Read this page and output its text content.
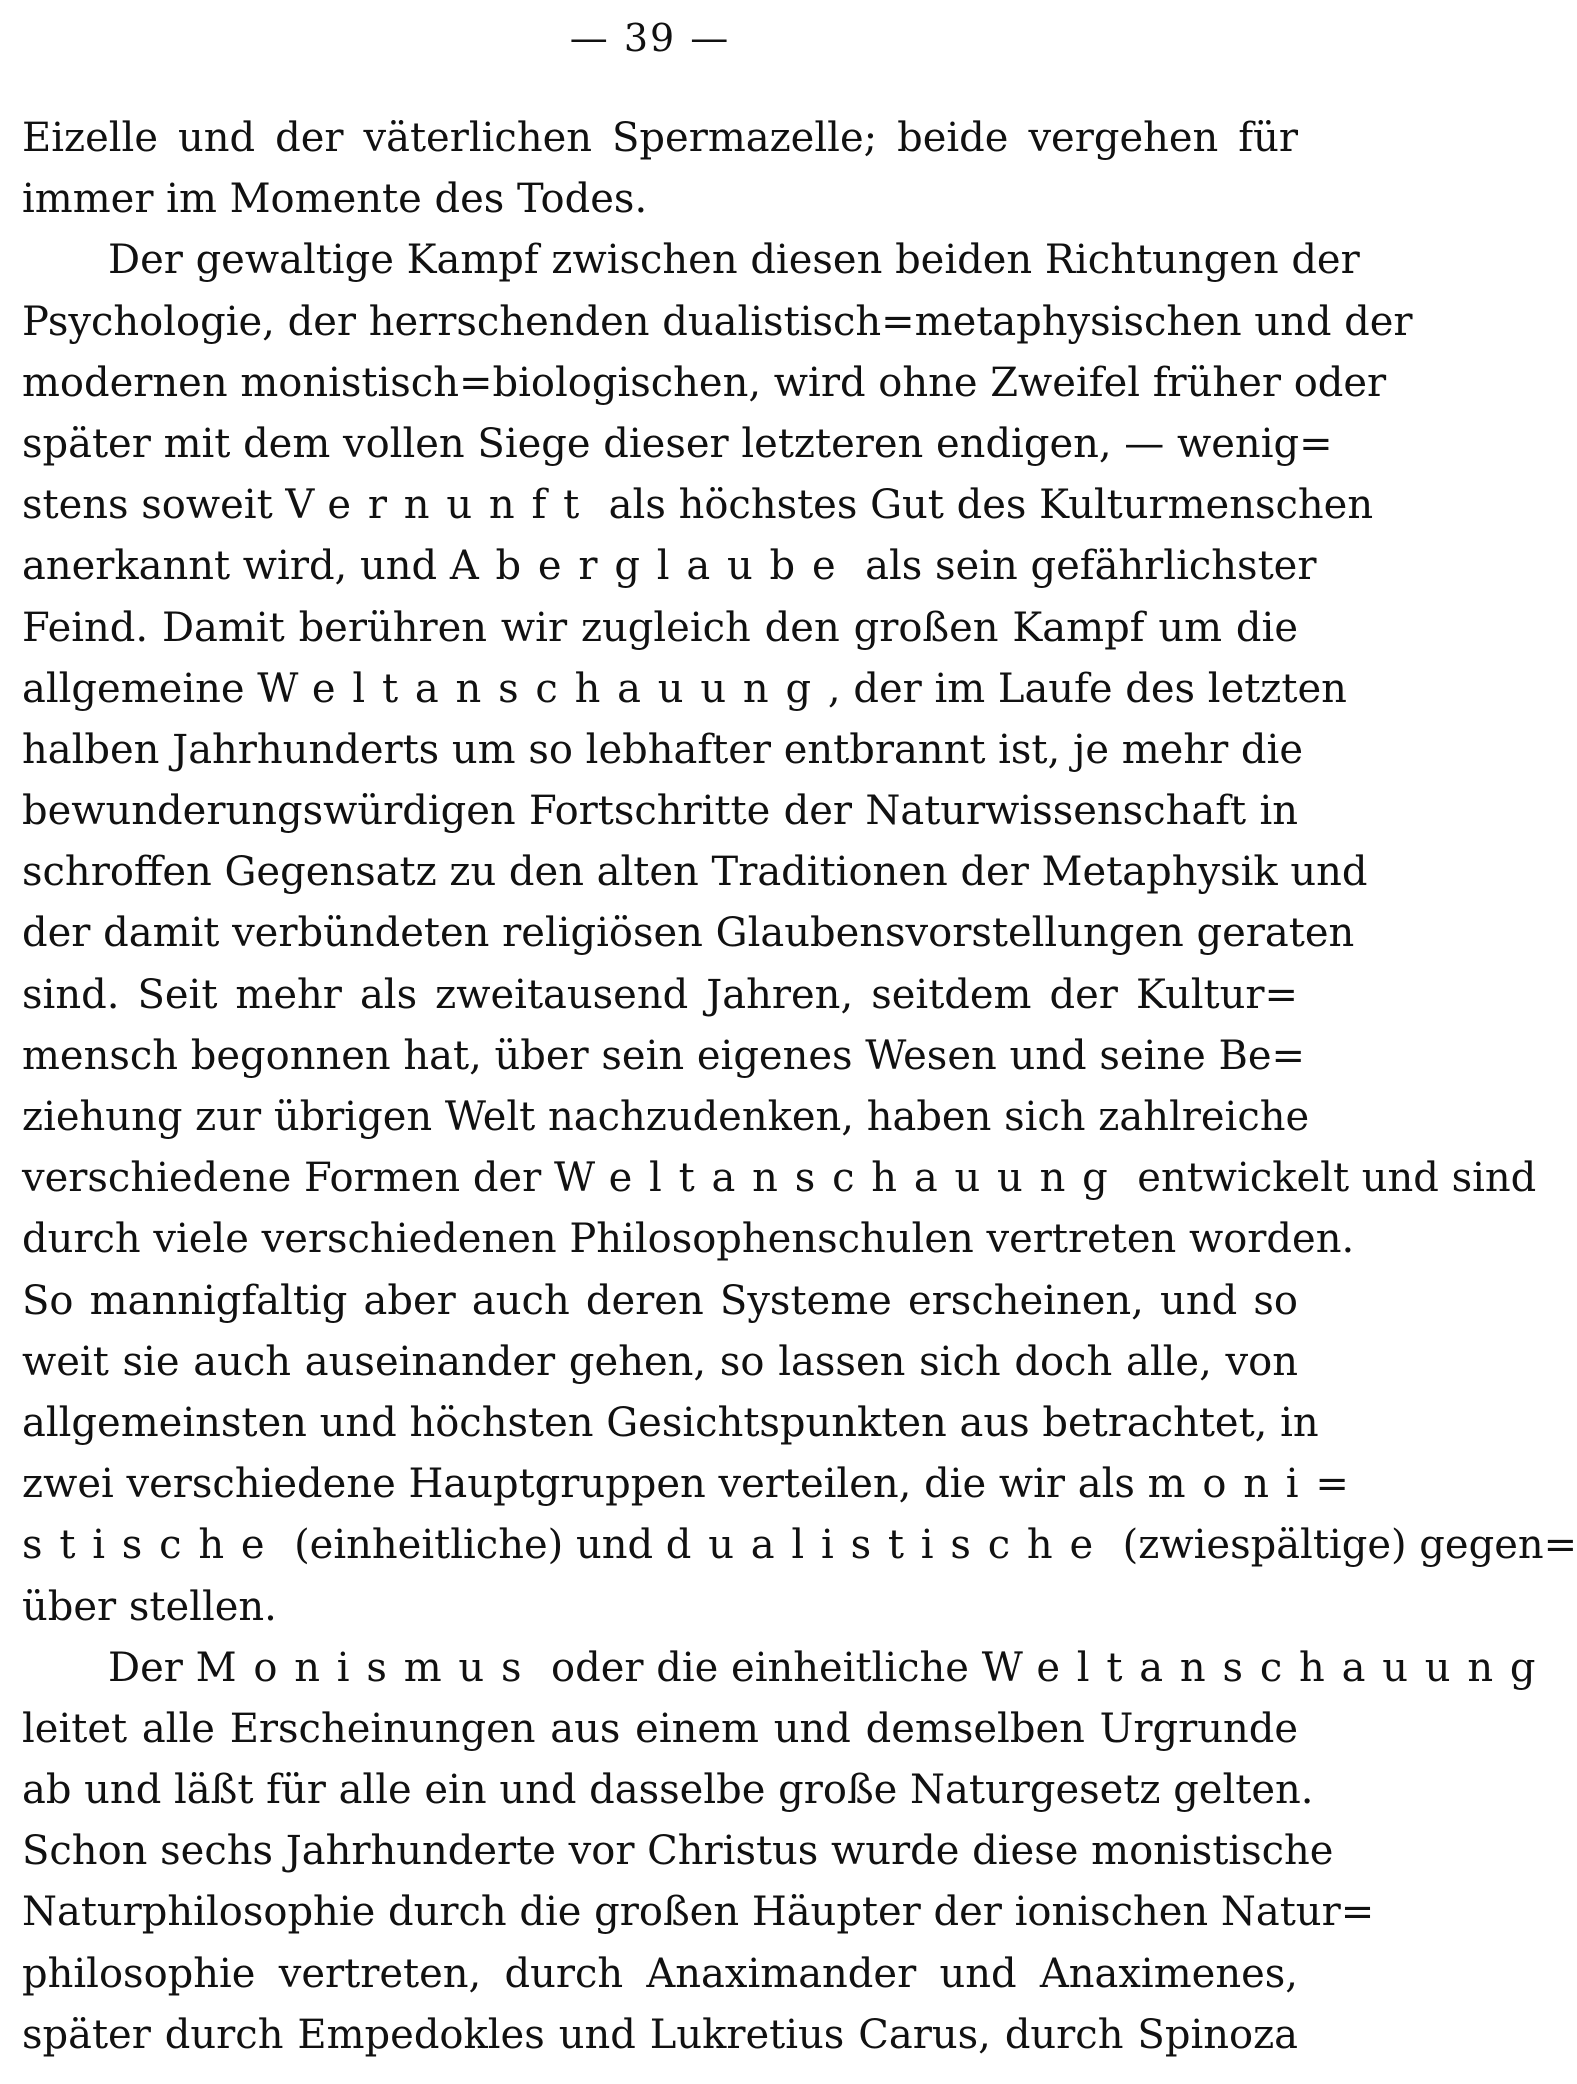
— 39 —
Eizelle und der väterlichen Spermazelle; beide vergehen für
immer im Momente des Todes.
Der gewaltige Kampf zwischen diesen beiden Richtungen der
Psychologie, der herrschenden dualistisch=metaphysischen und der
modernen monistisch=biologischen, wird ohne Zweifel früher oder
später mit dem vollen Siege dieser letzteren endigen, — wenig=
stens soweit Vernunft als höchstes Gut des Kulturmenschen
anerkannt wird, und Aberglaube als sein gefährlichster
Feind. Damit berühren wir zugleich den großen Kampf um die
allgemeine Weltanschauung, der im Laufe des letzten
halben Jahrhunderts um so lebhafter entbrannt ist, je mehr die
bewunderungswürdigen Fortschritte der Naturwissenschaft in
schroffen Gegensatz zu den alten Traditionen der Metaphysik und
der damit verbündeten religiösen Glaubensvorstellungen geraten
sind. Seit mehr als zweitausend Jahren, seitdem der Kultur=
mensch begonnen hat, über sein eigenes Wesen und seine Be=
ziehung zur übrigen Welt nachzudenken, haben sich zahlreiche
verschiedene Formen der Weltanschauung entwickelt und sind
durch viele verschiedenen Philosophenschulen vertreten worden.
So mannigfaltig aber auch deren Systeme erscheinen, und so
weit sie auch auseinander gehen, so lassen sich doch alle, von
allgemeinsten und höchsten Gesichtspunkten aus betrachtet, in
zwei verschiedene Hauptgruppen verteilen, die wir als moni=
stische (einheitliche) und dualistische (zwiespältige) gegen=
über stellen.
Der Monismus oder die einheitliche Weltanschauung
leitet alle Erscheinungen aus einem und demselben Urgrunde
ab und läßt für alle ein und dasselbe große Naturgesetz gelten.
Schon sechs Jahrhunderte vor Christus wurde diese monistische
Naturphilosophie durch die großen Häupter der ionischen Natur=
philosophie vertreten, durch Anaximander und Anaximenes,
später durch Empedokles und Lukretius Carus, durch Spinoza
